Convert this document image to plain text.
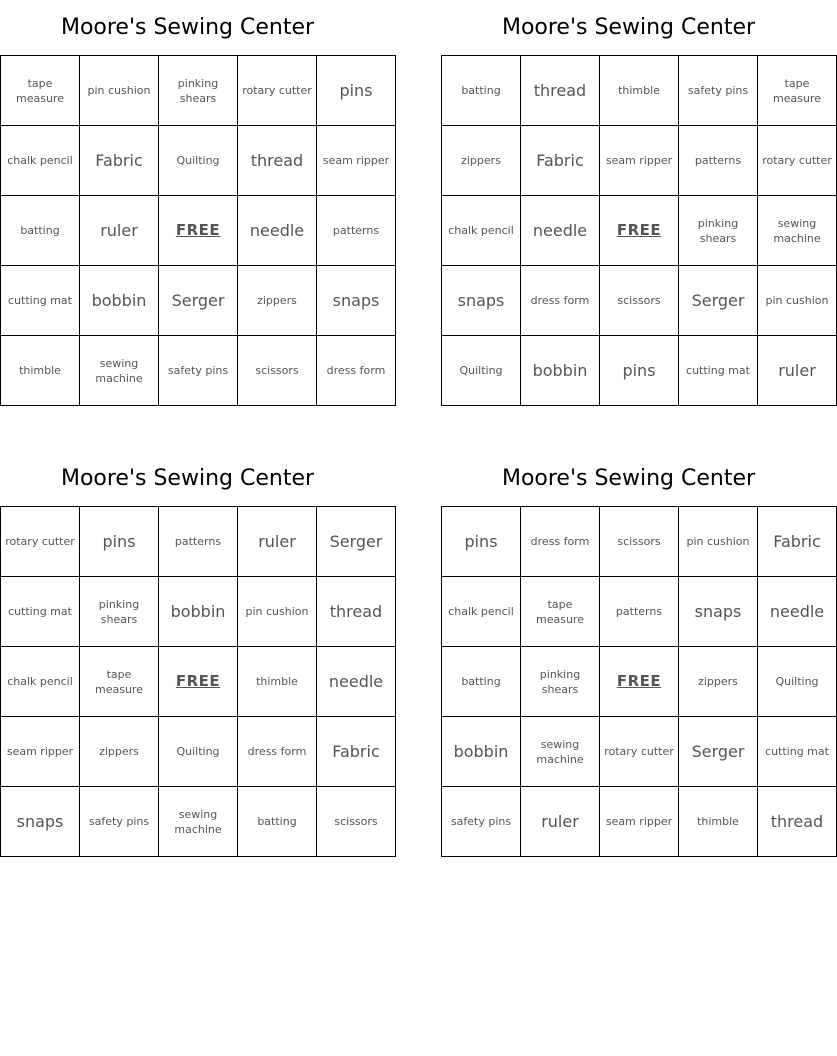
Moore's Sewing Center
tape measure	pin cushion	pinking shears	rotary cutter	pins
chalk pencil	Fabric	Quilting	thread	seam ripper
batting	ruler	FREE	needle	patterns
cutting mat	bobbin	Serger	zippers	snaps
thimble	sewing machine	safety pins	scissors	dress form
Moore's Sewing Center
batting	thread	thimble	safety pins	tape measure
zippers	Fabric	seam ripper	patterns	rotary cutter
chalk pencil	needle	FREE	pinking shears	sewing machine
snaps	dress form	scissors	Serger	pin cushion
Quilting	bobbin	pins	cutting mat	ruler
Moore's Sewing Center
rotary cutter	pins	patterns	ruler	Serger
cutting mat	pinking shears	bobbin	pin cushion	thread
chalk pencil	tape measure	FREE	thimble	needle
seam ripper	zippers	Quilting	dress form	Fabric
snaps	safety pins	sewing machine	batting	scissors
Moore's Sewing Center
pins	dress form	scissors	pin cushion	Fabric
chalk pencil	tape measure	patterns	snaps	needle
batting	pinking shears	FREE	zippers	Quilting
bobbin	sewing machine	rotary cutter	Serger	cutting mat
safety pins	ruler	seam ripper	thimble	thread
